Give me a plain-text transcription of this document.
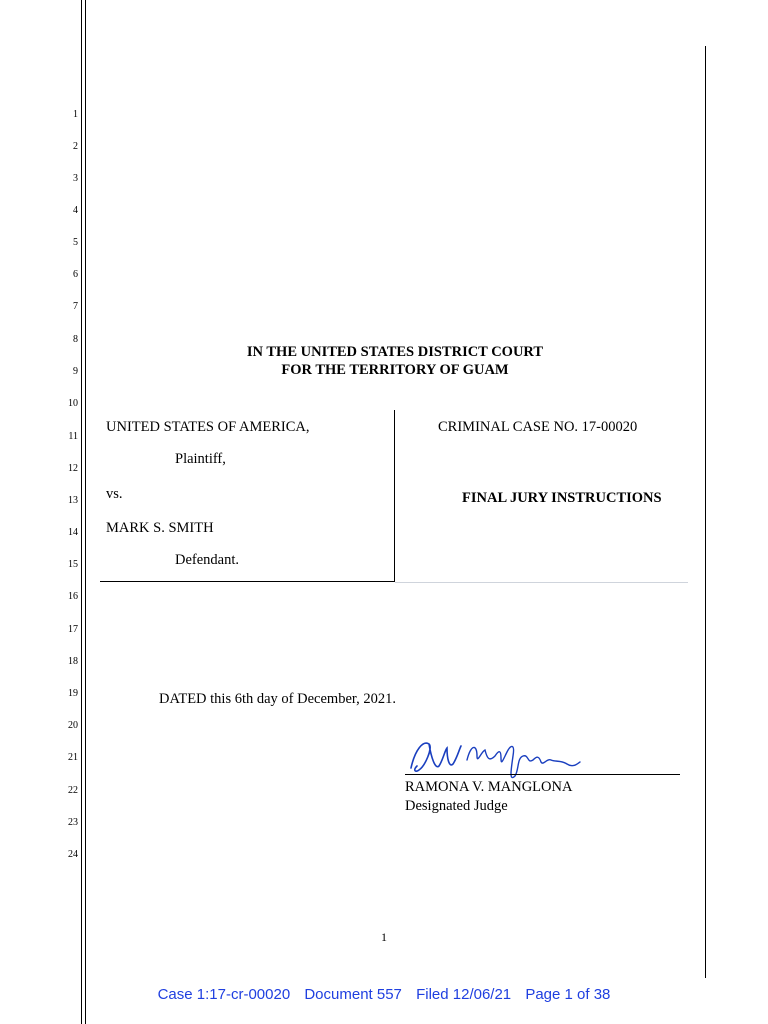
1
2
3
4
5
6
7
8
9
10
11
12
13
14
15
16
17
18
19
20
21
22
23
24
IN THE UNITED STATES DISTRICT COURT
FOR THE TERRITORY OF GUAM
UNITED STATES OF AMERICA,
Plaintiff,
vs.
MARK S. SMITH
Defendant.
CRIMINAL CASE NO. 17-00020
FINAL JURY INSTRUCTIONS
DATED this 6th day of December, 2021.
RAMONA V. MANGLONA
Designated Judge
1
Case 1:17-cr-00020 Document 557 Filed 12/06/21 Page 1 of 38
